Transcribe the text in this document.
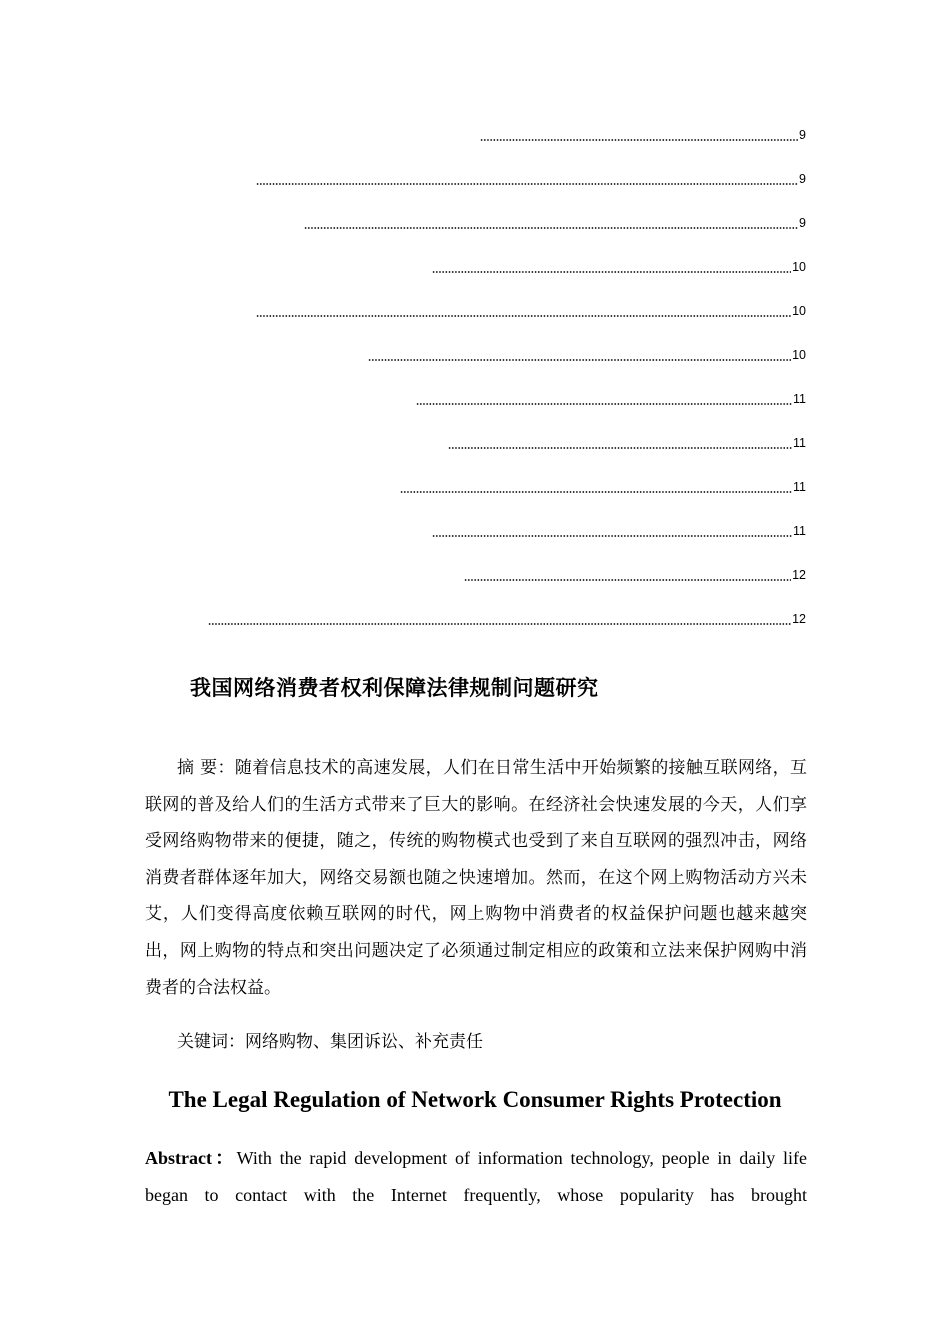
9
9
9
10
10
10
11
11
11
11
12
12
我国网络消费者权利保障法律规制问题研究
摘 要：随着信息技术的高速发展，人们在日常生活中开始频繁的接触互联网络，互联网的普及给人们的生活方式带来了巨大的影响。在经济社会快速发展的今天，人们享受网络购物带来的便捷，随之，传统的购物模式也受到了来自互联网的强烈冲击，网络消费者群体逐年加大，网络交易额也随之快速增加。然而，在这个网上购物活动方兴未艾，人们变得高度依赖互联网的时代，网上购物中消费者的权益保护问题也越来越突出，网上购物的特点和突出问题决定了必须通过制定相应的政策和立法来保护网购中消费者的合法权益。
关键词：网络购物、集团诉讼、补充责任
The Legal Regulation of Network Consumer Rights Protection
Abstract：With the rapid development of information technology, people in daily life began to contact with the Internet frequently, whose popularity has brought
